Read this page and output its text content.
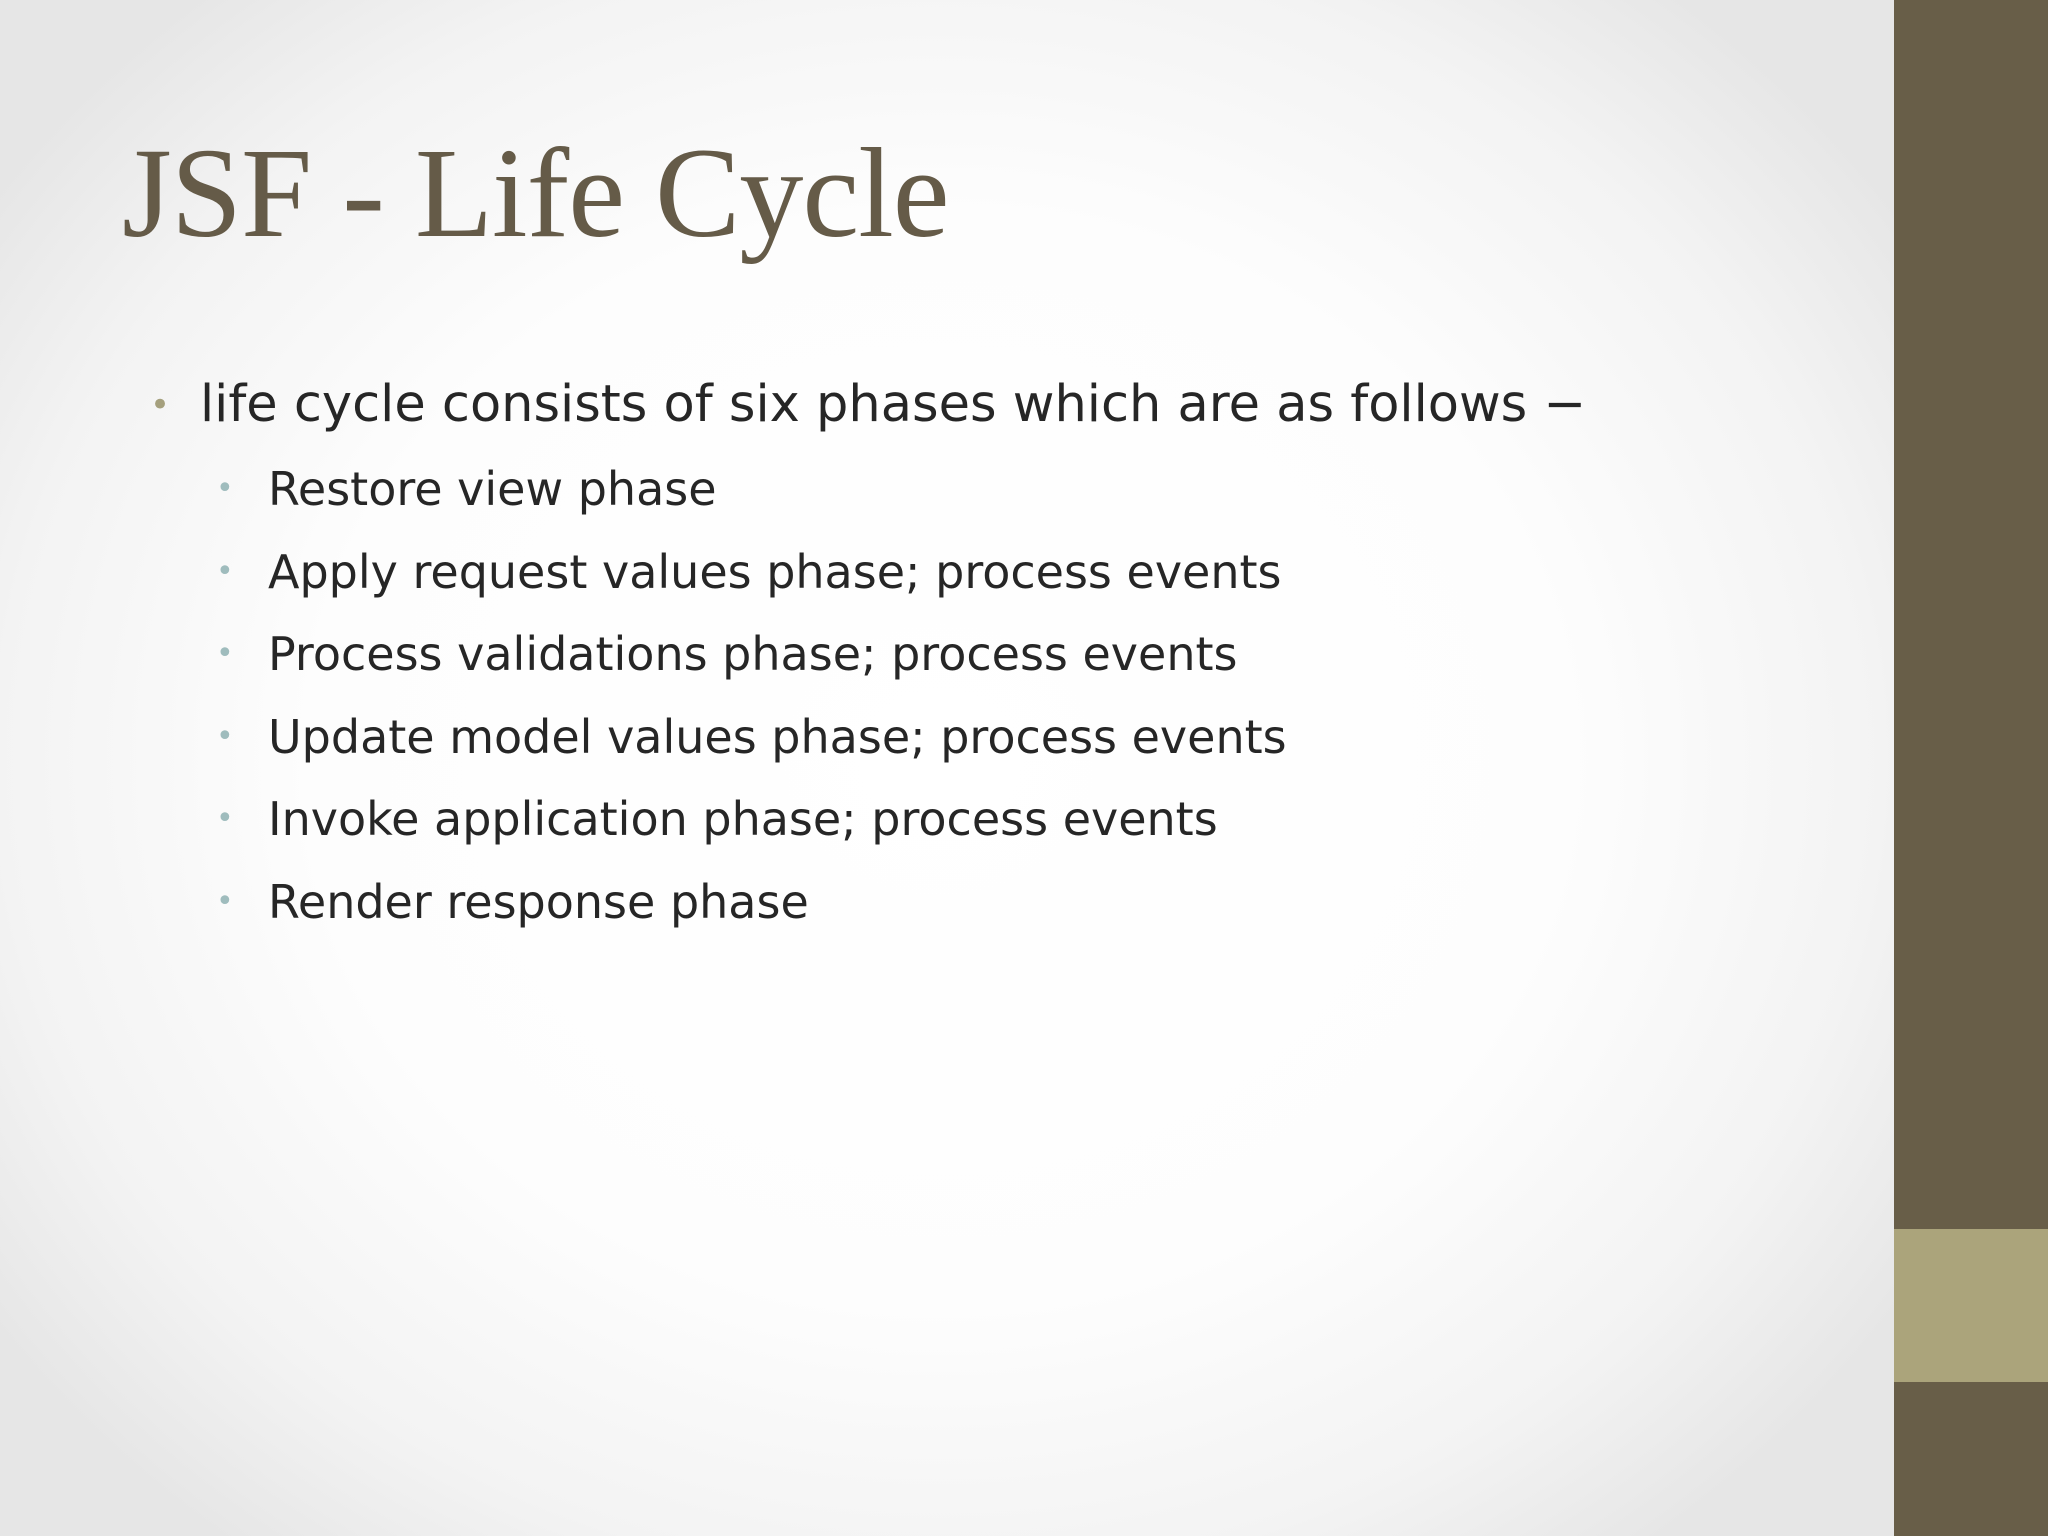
JSF - Life Cycle
• life cycle consists of six phases which are as follows −
• Restore view phase
• Apply request values phase; process events
• Process validations phase; process events
• Update model values phase; process events
• Invoke application phase; process events
• Render response phase
